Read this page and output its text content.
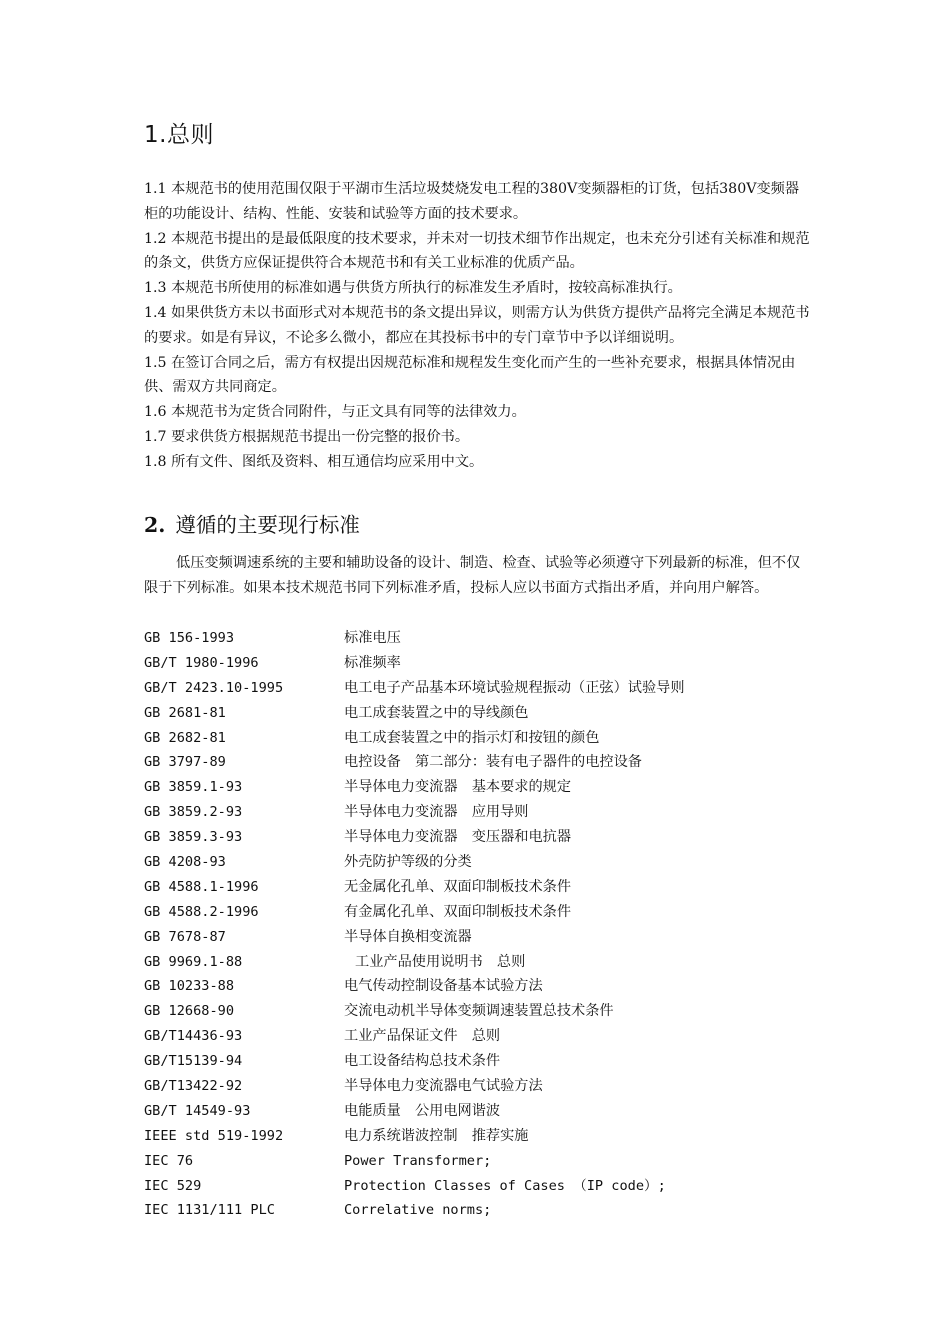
1.总则

1.1 本规范书的使用范围仅限于平湖市生活垃圾焚烧发电工程的380V变频器柜的订货，包括380V变频器柜的功能设计、结构、性能、安装和试验等方面的技术要求。

1.2 本规范书提出的是最低限度的技术要求，并未对一切技术细节作出规定，也未充分引述有关标准和规范的条文，供货方应保证提供符合本规范书和有关工业标准的优质产品。

1.3 本规范书所使用的标准如遇与供货方所执行的标准发生矛盾时，按较高标准执行。

1.4 如果供货方未以书面形式对本规范书的条文提出异议，则需方认为供货方提供产品将完全满足本规范书的要求。如是有异议，不论多么微小，都应在其投标书中的专门章节中予以详细说明。

1.5 在签订合同之后，需方有权提出因规范标准和规程发生变化而产生的一些补充要求，根据具体情况由供、需双方共同商定。

1.6 本规范书为定货合同附件，与正文具有同等的法律效力。

1.7 要求供货方根据规范书提出一份完整的报价书。

1.8 所有文件、图纸及资料、相互通信均应采用中文。

2. 遵循的主要现行标准

低压变频调速系统的主要和辅助设备的设计、制造、检查、试验等必须遵守下列最新的标准，但不仅限于下列标准。如果本技术规范书同下列标准矛盾，投标人应以书面方式指出矛盾，并向用户解答。

GB 156-1993	标准电压
GB/T 1980-1996	标准频率
GB/T 2423.10-1995	电工电子产品基本环境试验规程振动（正弦）试验导则
GB 2681-81	电工成套装置之中的导线颜色
GB 2682-81	电工成套装置之中的指示灯和按钮的颜色
GB 3797-89	电控设备　第二部分：装有电子器件的电控设备
GB 3859.1-93	半导体电力变流器　基本要求的规定
GB 3859.2-93	半导体电力变流器　应用导则
GB 3859.3-93	半导体电力变流器　变压器和电抗器
GB 4208-93	外壳防护等级的分类
GB 4588.1-1996	无金属化孔单、双面印制板技术条件
GB 4588.2-1996	有金属化孔单、双面印制板技术条件
GB 7678-87	半导体自换相变流器
GB 9969.1-88	工业产品使用说明书　总则
GB 10233-88	电气传动控制设备基本试验方法
GB 12668-90	交流电动机半导体变频调速装置总技术条件
GB/T14436-93	工业产品保证文件　总则
GB/T15139-94	电工设备结构总技术条件
GB/T13422-92	半导体电力变流器电气试验方法
GB/T 14549-93	电能质量　公用电网谐波
IEEE std 519-1992	电力系统谐波控制　推荐实施
IEC 76	Power Transformer;
IEC 529	Protection Classes of Cases （IP code）;
IEC 1131/111 PLC	Correlative norms;
